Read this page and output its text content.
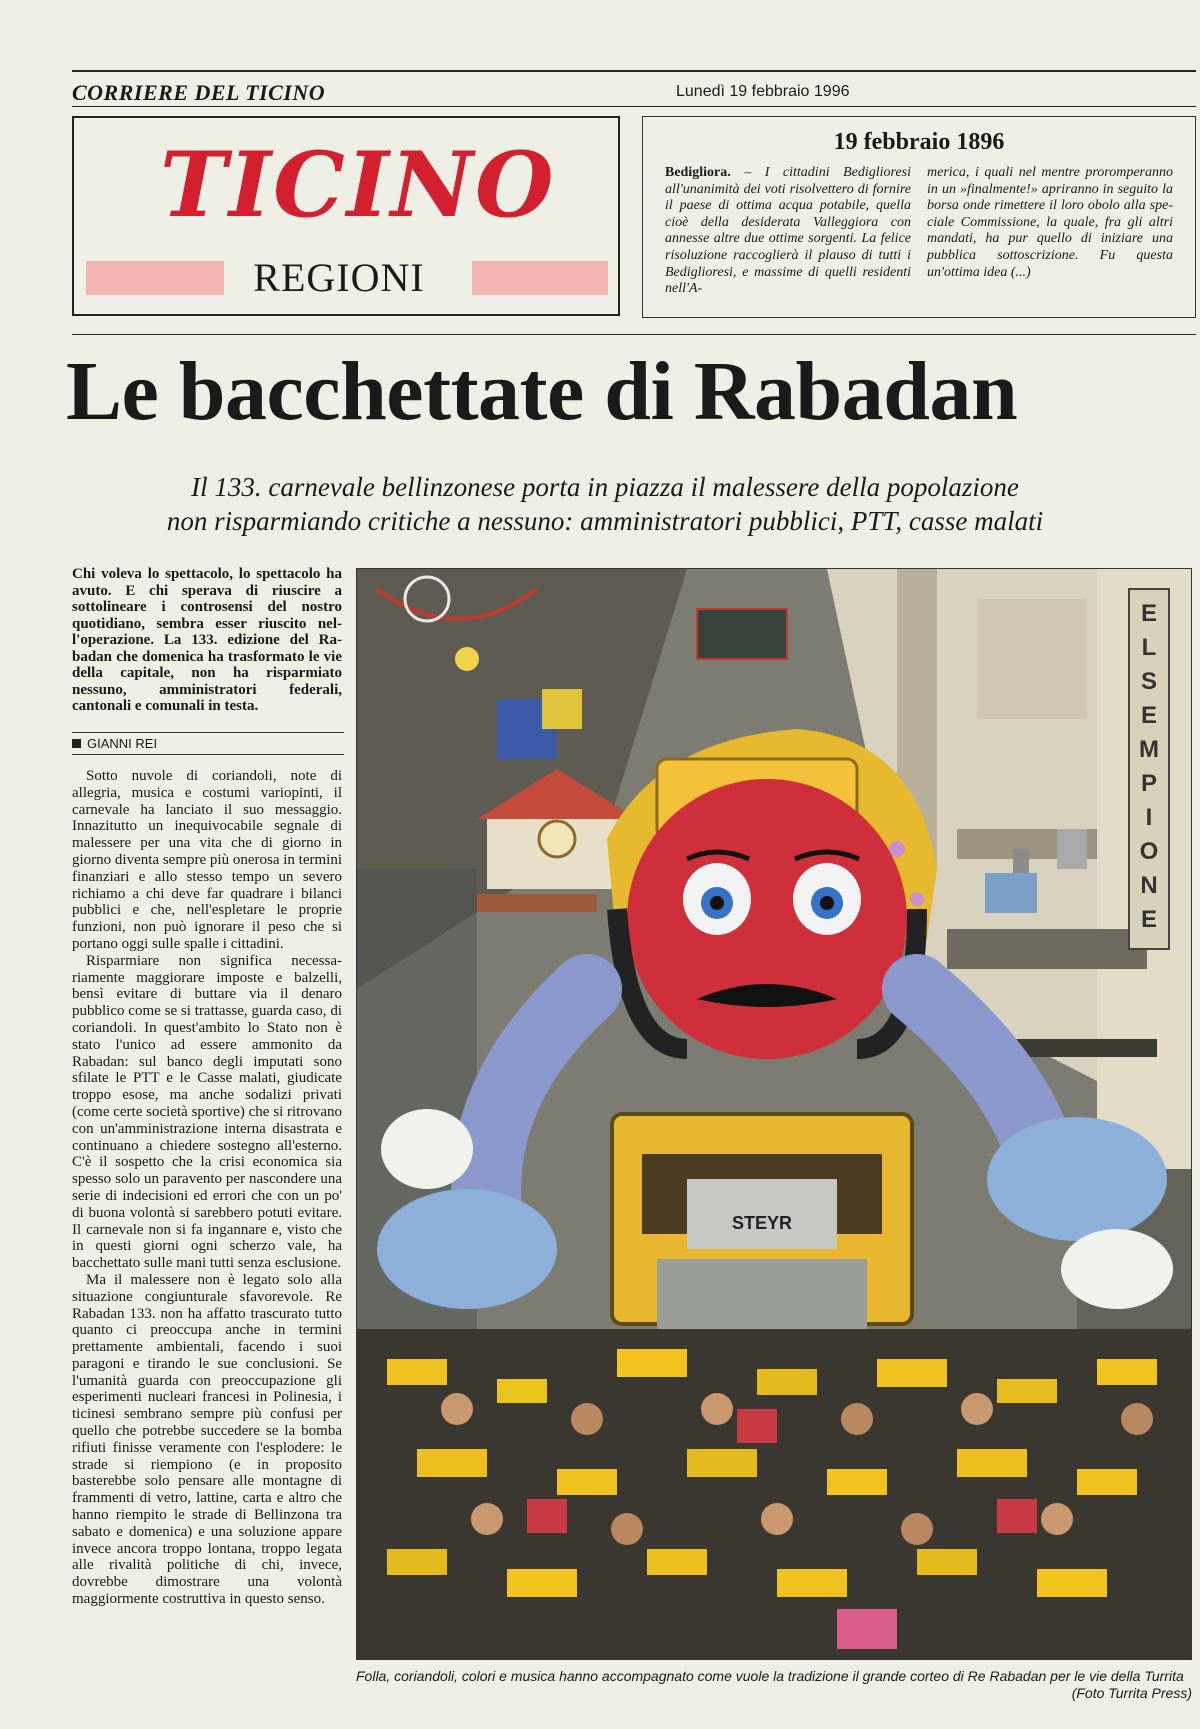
CORRIERE DEL TICINO	Lunedì 19 febbraio 1996
TICINO
REGIONI
19 febbraio 1896
Bedigliora. – I cittadini Bediglioresi all'unanimità dei voti risolvettero di fornire il paese di ottima acqua potabile, quella cioè della desiderata Valleggiora con annesse altre due ottime sorgenti. La felice risoluzione raccoglierà il plauso di tutti i Bediglioresi, e massime di quelli residenti nell'A-
merica, i quali nel mentre proromperanno in un »finalmente!» apriranno in seguito la borsa onde rimettere il loro obolo alla speciale Commissione, la quale, fra gli altri mandati, ha pur quello di iniziare una pubblica sottoscrizione. Fu questa un'ottima idea (...)
Le bacchettate di Rabadan
Il 133. carnevale bellinzonese porta in piazza il malessere della popolazione
non risparmiando critiche a nessuno: amministratori pubblici, PTT, casse malati
Chi voleva lo spettacolo, lo spettacolo ha avuto. E chi sperava di riuscire a sottolineare i controsensi del nostro quotidiano, sembra esser riuscito nell'operazione. La 133. edizione del Rabadan che domenica ha trasformato le vie della capitale, non ha risparmiato nessuno, amministratori federali, cantonali e comunali in testa.
GIANNI REI

Sotto nuvole di coriandoli, note di allegria, musica e costumi variopinti, il carnevale ha lanciato il suo messaggio. Innazitutto un inequivocabile segnale di malessere per una vita che di giorno in giorno diventa sempre più onerosa in termini finanziari e allo stesso tempo un severo richiamo a chi deve far quadrare i bilanci pubblici e che, nell'espletare le proprie funzioni, non può ignorare il peso che si portano oggi sulle spalle i cittadini.

Risparmiare non significa necessariamente maggiorare imposte e balzelli, bensì evitare di buttare via il denaro pubblico come se si trattasse, guarda caso, di coriandoli. In quest'ambito lo Stato non è stato l'unico ad essere ammonito da Rabadan: sul banco degli imputati sono sfilate le PTT e le Casse malati, giudicate troppo esose, ma anche sodalizi privati (come certe società sportive) che si ritrovano con un'amministrazione interna disastrata e continuano a chiedere sostegno all'esterno. C'è il sospetto che la crisi economica sia spesso solo un paravento per nascondere una serie di indecisioni ed errori che con un po' di buona volontà si sarebbero potuti evitare. Il carnevale non si fa ingannare e, visto che in questi giorni ogni scherzo vale, ha bacchettato sulle mani tutti senza esclusione.

Ma il malessere non è legato solo alla situazione congiunturale sfavorevole. Re Rabadan 133. non ha affatto trascurato tutto quanto ci preoccupa anche in termini prettamente ambientali, facendo i suoi paragoni e tirando le sue conclusioni. Se l'umanità guarda con preoccupazione gli esperimenti nucleari francesi in Polinesia, i ticinesi sembrano sempre più confusi per quello che potrebbe succedere se la bomba rifiuti finisse veramente con l'esplodere: le strade si riempiono (e in proposito basterebbe solo pensare alle montagne di frammenti di vetro, lattine, carta e altro che hanno riempito le strade di Bellinzona tra sabato e domenica) e una soluzione appare invece ancora troppo lontana, troppo legata alle rivalità politiche di chi, invece, dovrebbe dimostrare una volontà maggiormente costruttiva in questo senso.

E
L
S
E
M
P
I
O
N
E
STEYR
Folla, coriandoli, colori e musica hanno accompagnato come vuole la tradizione il grande corteo di Re Rabadan per le vie della Turrita
(Foto Turrita Press)
